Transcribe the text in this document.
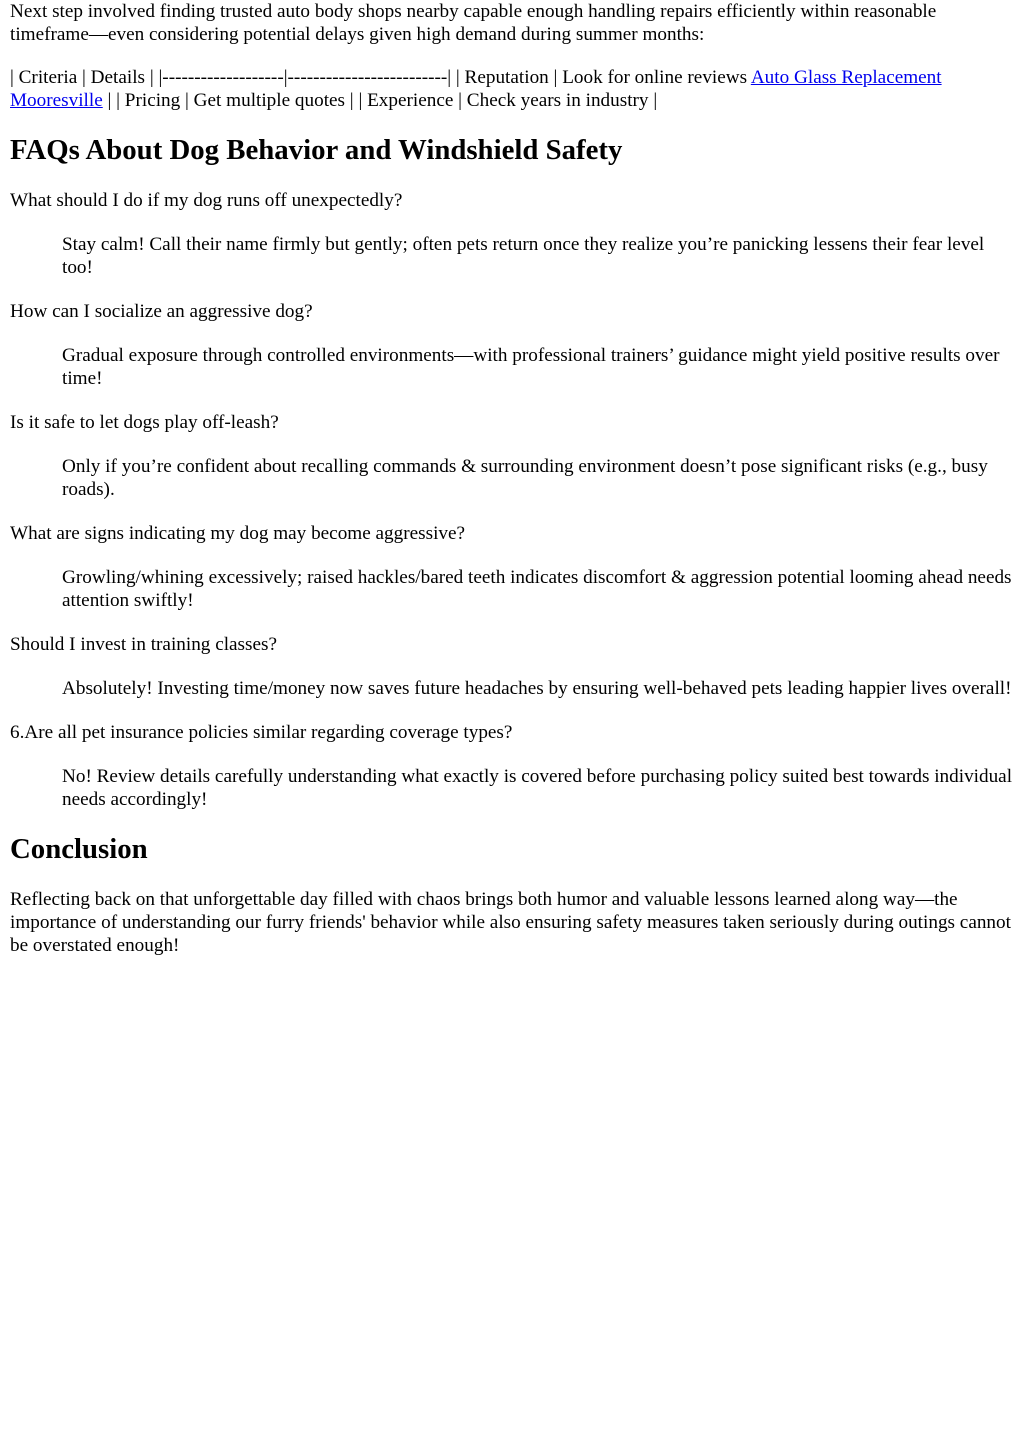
Next step involved finding trusted auto body shops nearby capable enough handling repairs efficiently within reasonable timeframe—even considering potential delays given high demand during summer months:

| Criteria | Details | |-------------------|-------------------------| | Reputation | Look for online reviews Auto Glass Replacement Mooresville | | Pricing | Get multiple quotes | | Experience | Check years in industry |

FAQs About Dog Behavior and Windshield Safety
What should I do if my dog runs off unexpectedly?
Stay calm! Call their name firmly but gently; often pets return once they realize you’re panicking lessens their fear level too!
How can I socialize an aggressive dog?
Gradual exposure through controlled environments—with professional trainers’ guidance might yield positive results over time!
Is it safe to let dogs play off-leash?
Only if you’re confident about recalling commands & surrounding environment doesn’t pose significant risks (e.g., busy roads).
What are signs indicating my dog may become aggressive?
Growling/whining excessively; raised hackles/bared teeth indicates discomfort & aggression potential looming ahead needs attention swiftly!
Should I invest in training classes?
Absolutely! Investing time/money now saves future headaches by ensuring well-behaved pets leading happier lives overall!
6.Are all pet insurance policies similar regarding coverage types?
No! Review details carefully understanding what exactly is covered before purchasing policy suited best towards individual needs accordingly!
Conclusion

Reflecting back on that unforgettable day filled with chaos brings both humor and valuable lessons learned along way—the importance of understanding our furry friends' behavior while also ensuring safety measures taken seriously during outings cannot be overstated enough!
